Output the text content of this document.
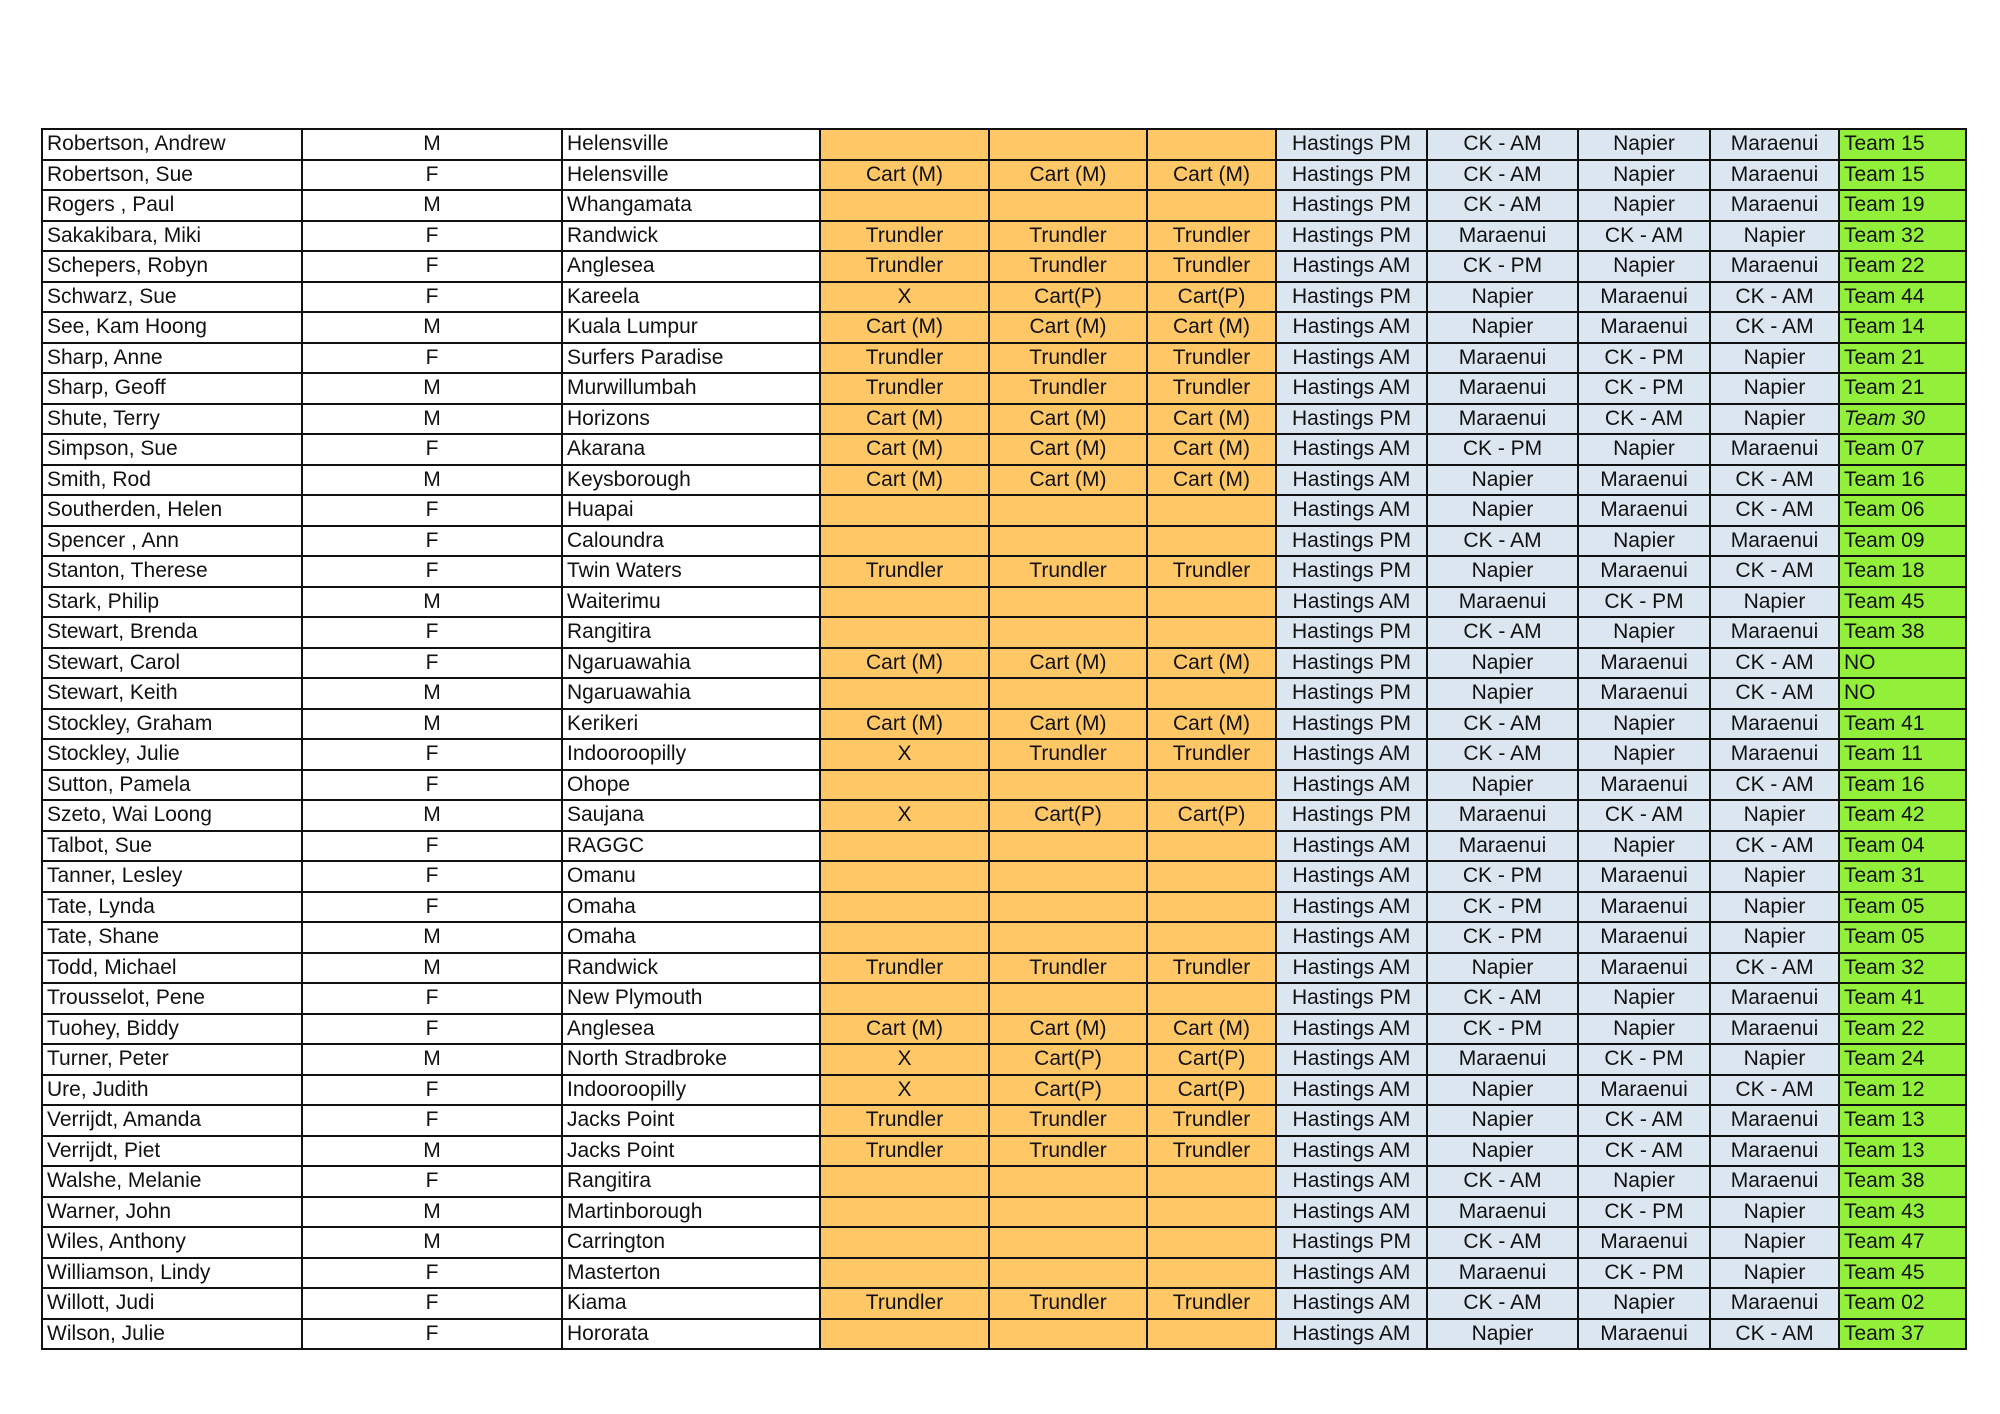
Robertson, Andrew	M	Helensville				Hastings PM	CK - AM	Napier	Maraenui	Team 15
Robertson, Sue	F	Helensville	Cart (M)	Cart (M)	Cart (M)	Hastings PM	CK - AM	Napier	Maraenui	Team 15
Rogers , Paul	M	Whangamata				Hastings PM	CK - AM	Napier	Maraenui	Team 19
Sakakibara, Miki	F	Randwick	Trundler	Trundler	Trundler	Hastings PM	Maraenui	CK - AM	Napier	Team 32
Schepers, Robyn	F	Anglesea	Trundler	Trundler	Trundler	Hastings AM	CK - PM	Napier	Maraenui	Team 22
Schwarz, Sue	F	Kareela	X	Cart(P)	Cart(P)	Hastings PM	Napier	Maraenui	CK - AM	Team 44
See, Kam Hoong	M	Kuala Lumpur	Cart (M)	Cart (M)	Cart (M)	Hastings AM	Napier	Maraenui	CK - AM	Team 14
Sharp, Anne	F	Surfers Paradise	Trundler	Trundler	Trundler	Hastings AM	Maraenui	CK - PM	Napier	Team 21
Sharp, Geoff	M	Murwillumbah	Trundler	Trundler	Trundler	Hastings AM	Maraenui	CK - PM	Napier	Team 21
Shute, Terry	M	Horizons	Cart (M)	Cart (M)	Cart (M)	Hastings PM	Maraenui	CK - AM	Napier	Team 30
Simpson, Sue	F	Akarana	Cart (M)	Cart (M)	Cart (M)	Hastings AM	CK - PM	Napier	Maraenui	Team 07
Smith, Rod	M	Keysborough	Cart (M)	Cart (M)	Cart (M)	Hastings AM	Napier	Maraenui	CK - AM	Team 16
Southerden, Helen	F	Huapai				Hastings AM	Napier	Maraenui	CK - AM	Team 06
Spencer , Ann	F	Caloundra				Hastings PM	CK - AM	Napier	Maraenui	Team 09
Stanton, Therese	F	Twin Waters	Trundler	Trundler	Trundler	Hastings PM	Napier	Maraenui	CK - AM	Team 18
Stark, Philip	M	Waiterimu				Hastings AM	Maraenui	CK - PM	Napier	Team 45
Stewart, Brenda	F	Rangitira				Hastings PM	CK - AM	Napier	Maraenui	Team 38
Stewart, Carol	F	Ngaruawahia	Cart (M)	Cart (M)	Cart (M)	Hastings PM	Napier	Maraenui	CK - AM	NO
Stewart, Keith	M	Ngaruawahia				Hastings PM	Napier	Maraenui	CK - AM	NO
Stockley, Graham	M	Kerikeri	Cart (M)	Cart (M)	Cart (M)	Hastings PM	CK - AM	Napier	Maraenui	Team 41
Stockley, Julie	F	Indooroopilly	X	Trundler	Trundler	Hastings AM	CK - AM	Napier	Maraenui	Team 11
Sutton, Pamela	F	Ohope				Hastings AM	Napier	Maraenui	CK - AM	Team 16
Szeto, Wai Loong	M	Saujana	X	Cart(P)	Cart(P)	Hastings PM	Maraenui	CK - AM	Napier	Team 42
Talbot, Sue	F	RAGGC				Hastings AM	Maraenui	Napier	CK - AM	Team 04
Tanner, Lesley	F	Omanu				Hastings AM	CK - PM	Maraenui	Napier	Team 31
Tate, Lynda	F	Omaha				Hastings AM	CK - PM	Maraenui	Napier	Team 05
Tate, Shane	M	Omaha				Hastings AM	CK - PM	Maraenui	Napier	Team 05
Todd, Michael	M	Randwick	Trundler	Trundler	Trundler	Hastings AM	Napier	Maraenui	CK - AM	Team 32
Trousselot, Pene	F	New Plymouth				Hastings PM	CK - AM	Napier	Maraenui	Team 41
Tuohey, Biddy	F	Anglesea	Cart (M)	Cart (M)	Cart (M)	Hastings AM	CK - PM	Napier	Maraenui	Team 22
Turner, Peter	M	North Stradbroke	X	Cart(P)	Cart(P)	Hastings AM	Maraenui	CK - PM	Napier	Team 24
Ure, Judith	F	Indooroopilly	X	Cart(P)	Cart(P)	Hastings AM	Napier	Maraenui	CK - AM	Team 12
Verrijdt, Amanda	F	Jacks Point	Trundler	Trundler	Trundler	Hastings AM	Napier	CK - AM	Maraenui	Team 13
Verrijdt, Piet	M	Jacks Point	Trundler	Trundler	Trundler	Hastings AM	Napier	CK - AM	Maraenui	Team 13
Walshe, Melanie	F	Rangitira				Hastings AM	CK - AM	Napier	Maraenui	Team 38
Warner, John	M	Martinborough				Hastings AM	Maraenui	CK - PM	Napier	Team 43
Wiles, Anthony	M	Carrington				Hastings PM	CK - AM	Maraenui	Napier	Team 47
Williamson, Lindy	F	Masterton				Hastings AM	Maraenui	CK - PM	Napier	Team 45
Willott, Judi	F	Kiama	Trundler	Trundler	Trundler	Hastings AM	CK - AM	Napier	Maraenui	Team 02
Wilson, Julie	F	Hororata				Hastings AM	Napier	Maraenui	CK - AM	Team 37
